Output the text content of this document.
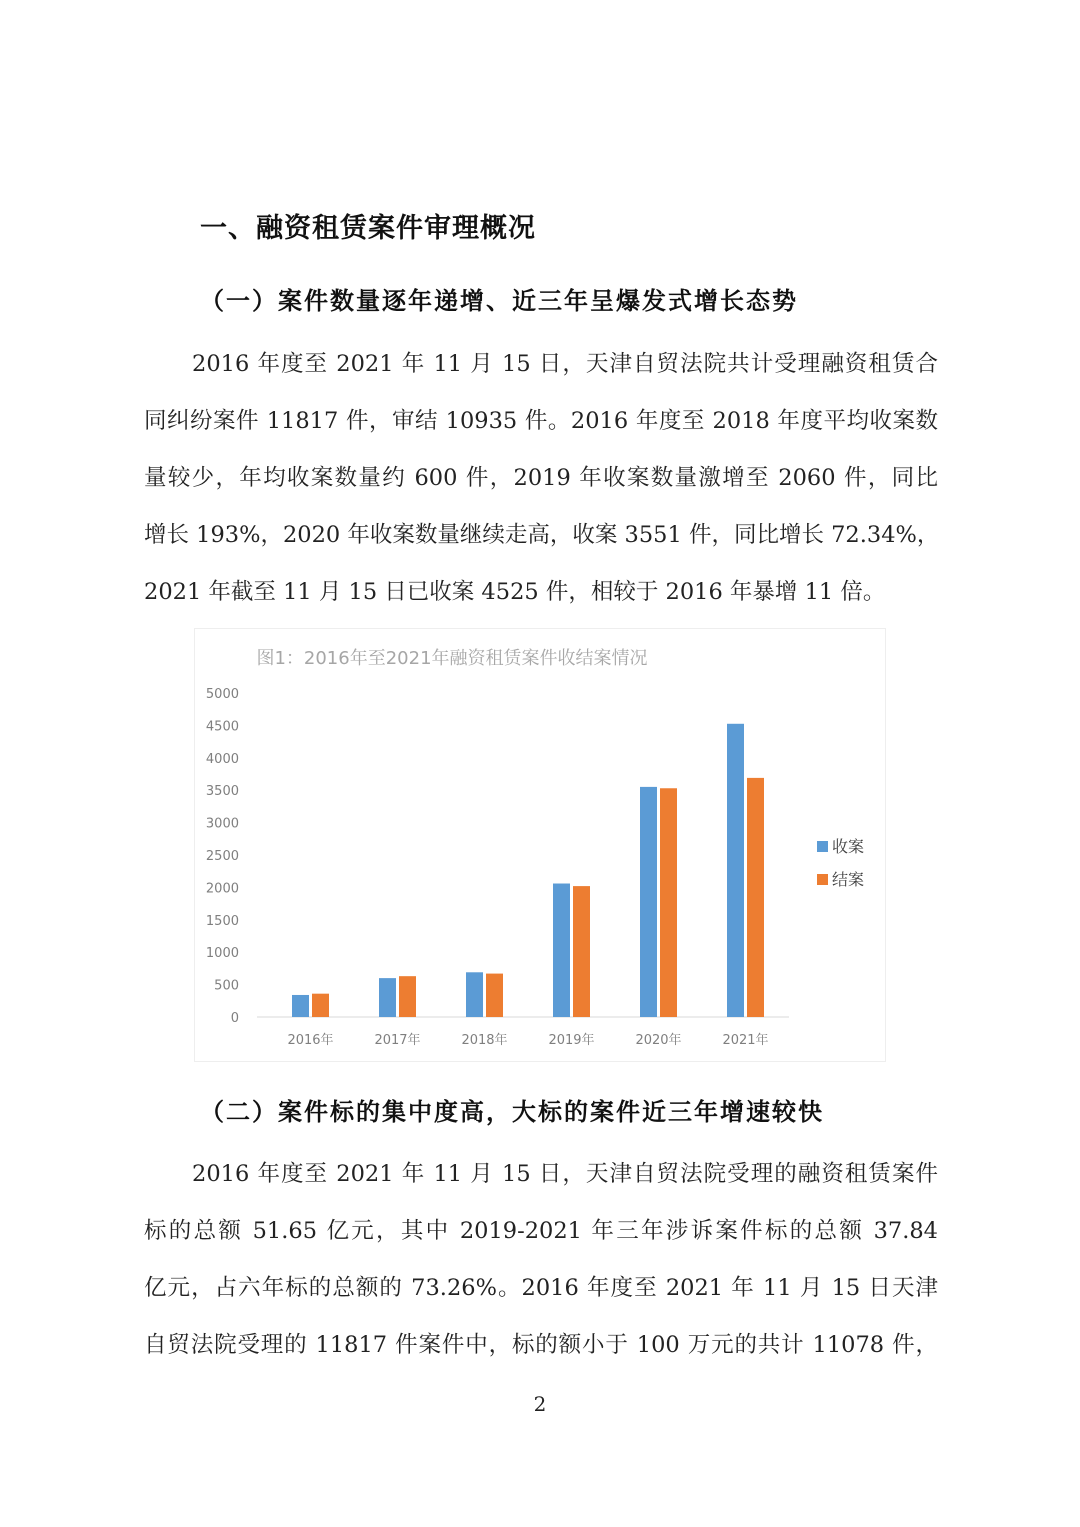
一、融资租赁案件审理概况
（一）案件数量逐年递增、近三年呈爆发式增长态势
2016 年度至 2021 年 11 月 15 日，天津自贸法院共计受理融资租赁合
同纠纷案件 11817 件，审结 10935 件。2016 年度至 2018 年度平均收案数
量较少，年均收案数量约 600 件，2019 年收案数量激增至 2060 件，同比
增长 193%，2020 年收案数量继续走高，收案 3551 件，同比增长 72.34%，
2021 年截至 11 月 15 日已收案 4525 件，相较于 2016 年暴增 11 倍。
图1：2016年至2021年融资租赁案件收结案情况
0
500
1000
1500
2000
2500
3000
3500
4000
4500
5000
2016年	2017年	2018年	2019年	2020年	2021年
收案
结案
（二）案件标的集中度高，大标的案件近三年增速较快
2016 年度至 2021 年 11 月 15 日，天津自贸法院受理的融资租赁案件
标的总额 51.65 亿元，其中 2019-2021 年三年涉诉案件标的总额 37.84
亿元，占六年标的总额的 73.26%。2016 年度至 2021 年 11 月 15 日天津
自贸法院受理的 11817 件案件中，标的额小于 100 万元的共计 11078 件，
2
